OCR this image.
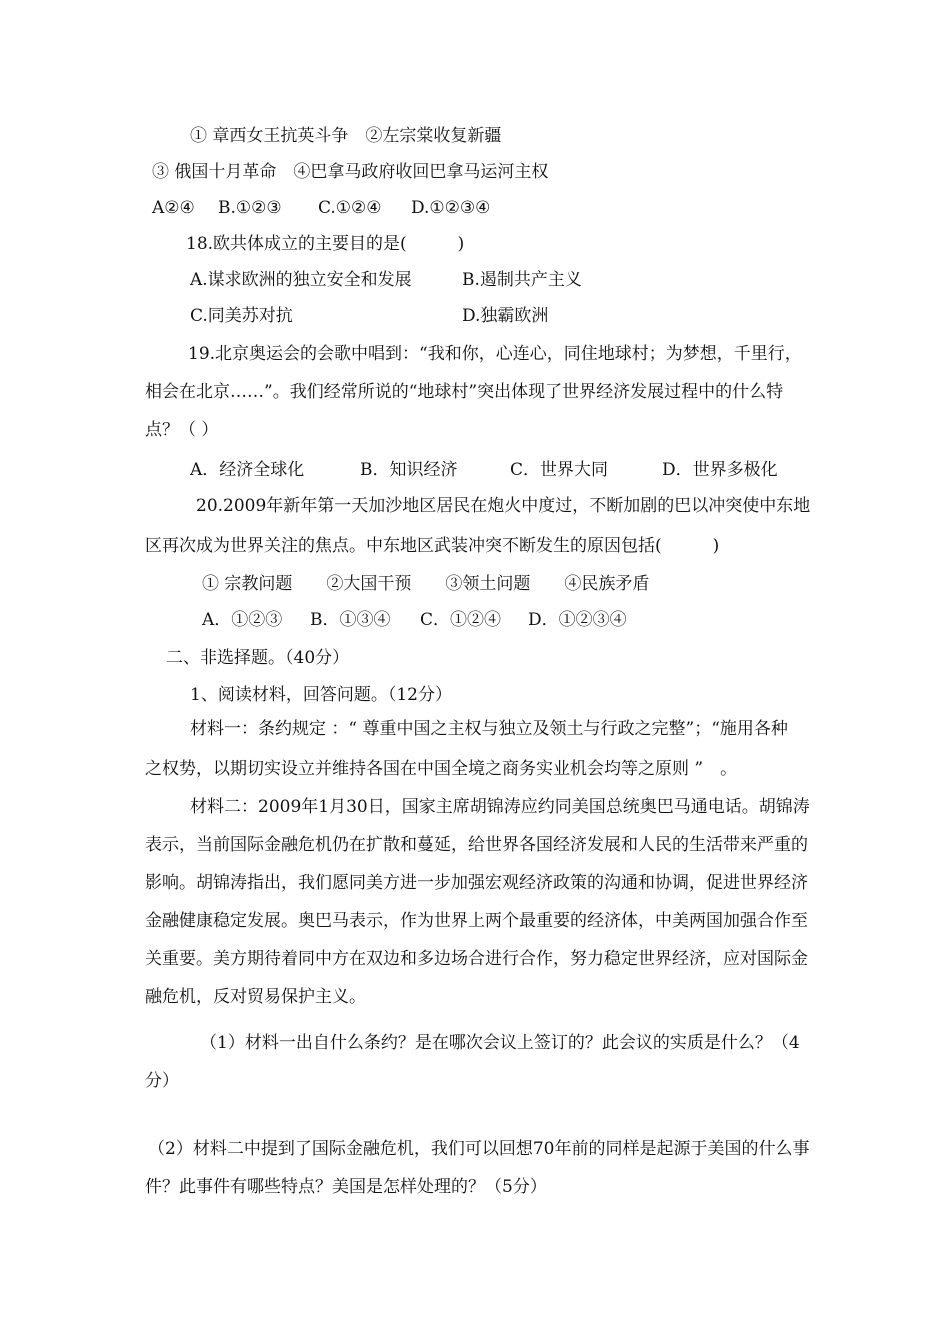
① 章西女王抗英斗争　②左宗棠收复新疆
③ 俄国十月革命　④巴拿马政府收回巴拿马运河主权
A②④ B.①②③ C.①②④ D.①②③④
18.欧共体成立的主要目的是(　　　)
A.谋求欧洲的独立安全和发展	B.遏制共产主义
C.同美苏对抗	D.独霸欧洲
19.北京奥运会的会歌中唱到：“我和你，心连心，同住地球村；为梦想，千里行，
相会在北京……”。我们经常所说的“地球村”突出体现了世界经济发展过程中的什么特
点？（ ）
A．经济全球化	B．知识经济	C．世界大同	D．世界多极化
20.2009年新年第一天加沙地区居民在炮火中度过，不断加剧的巴以冲突使中东地
区再次成为世界关注的焦点。中东地区武装冲突不断发生的原因包括(　　　)
① 宗教问题　　②大国干预　　③领土问题　　④民族矛盾
A．①②③ B．①③④ C．①②④ D．①②③④
二、非选择题。（40分）
1、阅读材料，回答问题。（12分）
材料一：条约规定 ：“ 尊重中国之主权与独立及领土与行政之完整”；“施用各种
之权势，以期切实设立并维持各国在中国全境之商务实业机会均等之原则 ”　。
材料二：2009年1月30日，国家主席胡锦涛应约同美国总统奥巴马通电话。胡锦涛
表示，当前国际金融危机仍在扩散和蔓延，给世界各国经济发展和人民的生活带来严重的
影响。胡锦涛指出，我们愿同美方进一步加强宏观经济政策的沟通和协调，促进世界经济
金融健康稳定发展。奥巴马表示，作为世界上两个最重要的经济体，中美两国加强合作至
关重要。美方期待着同中方在双边和多边场合进行合作，努力稳定世界经济，应对国际金
融危机，反对贸易保护主义。
（1）材料一出自什么条约？是在哪次会议上签订的？此会议的实质是什么？（4
分）
（2）材料二中提到了国际金融危机，我们可以回想70年前的同样是起源于美国的什么事
件？此事件有哪些特点？美国是怎样处理的？（5分）
